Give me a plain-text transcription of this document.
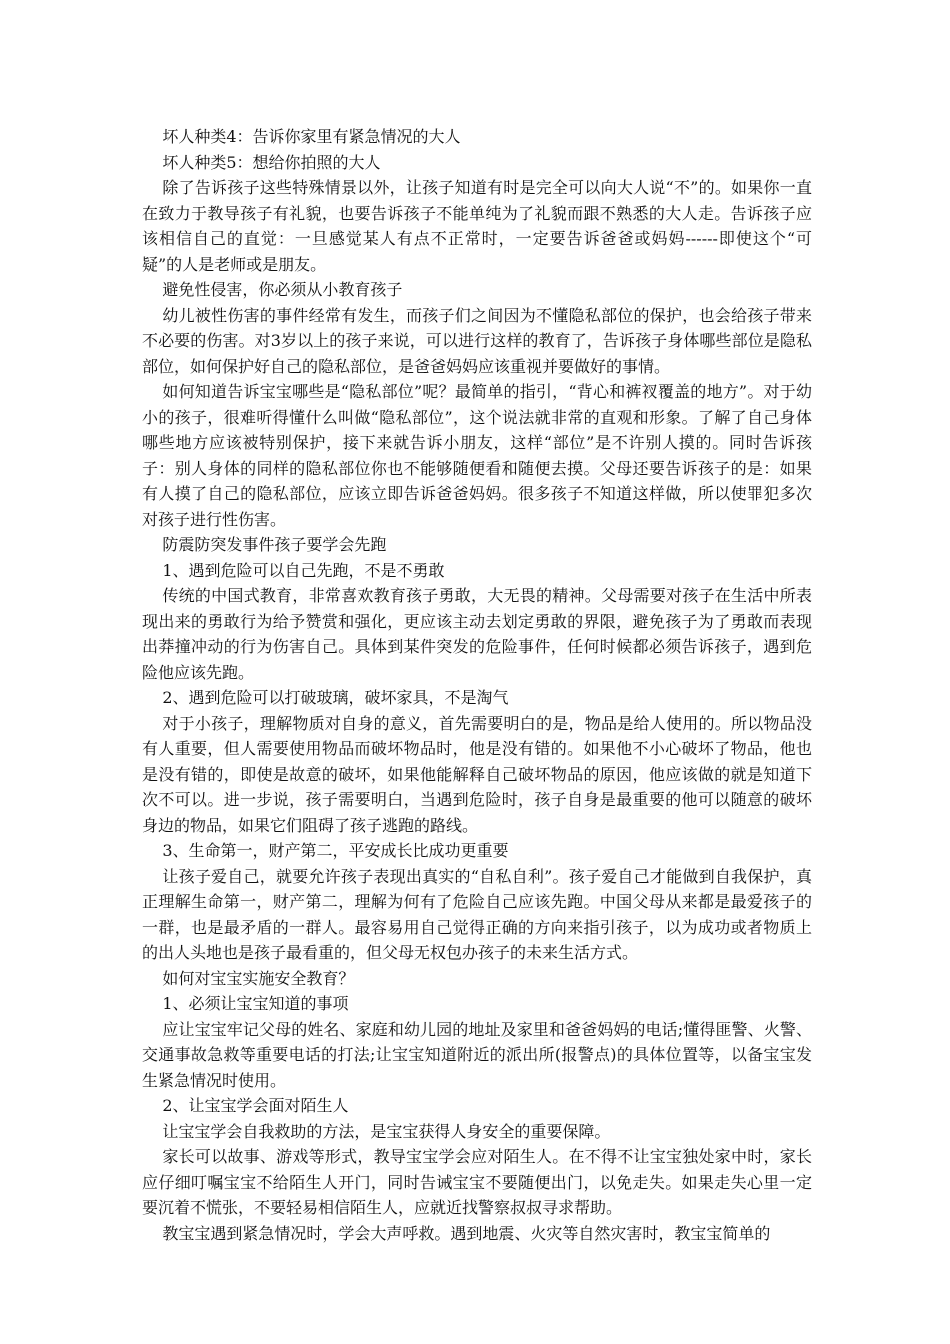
坏人种类4：告诉你家里有紧急情况的大人

坏人种类5：想给你拍照的大人

除了告诉孩子这些特殊情景以外，让孩子知道有时是完全可以向大人说“不”的。如果你一直在致力于教导孩子有礼貌，也要告诉孩子不能单纯为了礼貌而跟不熟悉的大人走。告诉孩子应该相信自己的直觉：一旦感觉某人有点不正常时，一定要告诉爸爸或妈妈------即使这个“可疑”的人是老师或是朋友。

避免性侵害，你必须从小教育孩子

幼儿被性伤害的事件经常有发生，而孩子们之间因为不懂隐私部位的保护，也会给孩子带来不必要的伤害。对3岁以上的孩子来说，可以进行这样的教育了，告诉孩子身体哪些部位是隐私部位，如何保护好自己的隐私部位，是爸爸妈妈应该重视并要做好的事情。

如何知道告诉宝宝哪些是“隐私部位”呢？最简单的指引，“背心和裤衩覆盖的地方”。对于幼小的孩子，很难听得懂什么叫做“隐私部位”，这个说法就非常的直观和形象。了解了自己身体哪些地方应该被特别保护，接下来就告诉小朋友，这样“部位”是不许别人摸的。同时告诉孩子：别人身体的同样的隐私部位你也不能够随便看和随便去摸。父母还要告诉孩子的是：如果有人摸了自己的隐私部位，应该立即告诉爸爸妈妈。很多孩子不知道这样做，所以使罪犯多次对孩子进行性伤害。

防震防突发事件孩子要学会先跑

1、遇到危险可以自己先跑，不是不勇敢

传统的中国式教育，非常喜欢教育孩子勇敢，大无畏的精神。父母需要对孩子在生活中所表现出来的勇敢行为给予赞赏和强化，更应该主动去划定勇敢的界限，避免孩子为了勇敢而表现出莽撞冲动的行为伤害自己。具体到某件突发的危险事件，任何时候都必须告诉孩子，遇到危险他应该先跑。

2、遇到危险可以打破玻璃，破坏家具，不是淘气

对于小孩子，理解物质对自身的意义，首先需要明白的是，物品是给人使用的。所以物品没有人重要，但人需要使用物品而破坏物品时，他是没有错的。如果他不小心破坏了物品，他也是没有错的，即使是故意的破坏，如果他能解释自己破坏物品的原因，他应该做的就是知道下次不可以。进一步说，孩子需要明白，当遇到危险时，孩子自身是最重要的他可以随意的破坏身边的物品，如果它们阻碍了孩子逃跑的路线。

3、生命第一，财产第二，平安成长比成功更重要

让孩子爱自己，就要允许孩子表现出真实的“自私自利”。孩子爱自己才能做到自我保护，真正理解生命第一，财产第二，理解为何有了危险自己应该先跑。中国父母从来都是最爱孩子的一群，也是最矛盾的一群人。最容易用自己觉得正确的方向来指引孩子，以为成功或者物质上的出人头地也是孩子最看重的，但父母无权包办孩子的未来生活方式。

如何对宝宝实施安全教育？

1、必须让宝宝知道的事项

应让宝宝牢记父母的姓名、家庭和幼儿园的地址及家里和爸爸妈妈的电话;懂得匪警、火警、交通事故急救等重要电话的打法;让宝宝知道附近的派出所(报警点)的具体位置等，以备宝宝发生紧急情况时使用。

2、让宝宝学会面对陌生人

让宝宝学会自我救助的方法，是宝宝获得人身安全的重要保障。

家长可以故事、游戏等形式，教导宝宝学会应对陌生人。在不得不让宝宝独处家中时，家长应仔细叮嘱宝宝不给陌生人开门，同时告诫宝宝不要随便出门，以免走失。如果走失心里一定要沉着不慌张，不要轻易相信陌生人，应就近找警察叔叔寻求帮助。

教宝宝遇到紧急情况时，学会大声呼救。遇到地震、火灾等自然灾害时，教宝宝简单的
